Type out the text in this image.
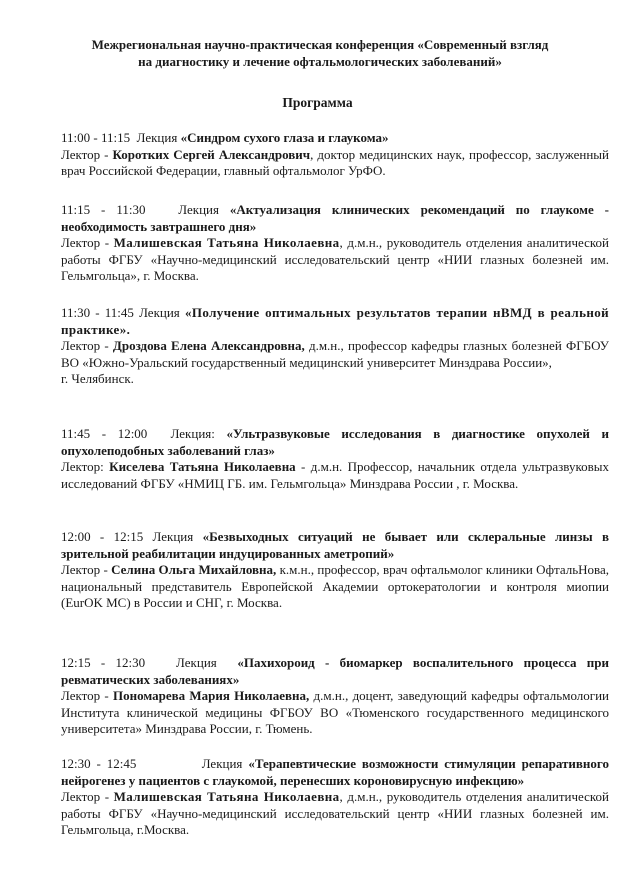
Межрегиональная научно-практическая конференция «Современный взгляд
на диагностику и лечение офтальмологических заболеваний»
Программа

11:00 - 11:15 Лекция «Синдром сухого глаза и глаукома»

Лектор - Коротких Сергей Александрович, доктор медицинских наук, профессор, заслуженный врач Российской Федерации, главный офтальмолог УрФО.

11:15 - 11:30	Лекция «Актуализация клинических рекомендаций по глаукоме - необходимость завтрашнего дня»

Лектор - Малишевская Татьяна Николаевна, д.м.н., руководитель отделения аналитической работы ФГБУ «Научно-медицинский исследовательский центр «НИИ глазных болезней им. Гельмгольца», г. Москва.

11:30 - 11:45 Лекция «Получение оптимальных результатов терапии нВМД в реальной практике».

Лектор - Дроздова Елена Александровна, д.м.н., профессор кафедры глазных болезней ФГБОУ ВО «Южно-Уральский государственный медицинский университет Минздрава России»,

г. Челябинск.

11:45 - 12:00 Лекция: «Ультразвуковые исследования в диагностике опухолей и опухолеподобных заболеваний глаз»

Лектор: Киселева Татьяна Николаевна - д.м.н. Профессор, начальник отдела ультразвуковых исследований ФГБУ «НМИЦ ГБ. им. Гельмгольца» Минздрава России , г. Москва.

12:00 - 12:15 Лекция «Безвыходных ситуаций не бывает или склеральные линзы в зрительной реабилитации индуцированных аметропий»

Лектор - Селина Ольга Михайловна, к.м.н., профессор, врач офтальмолог клиники ОфтальНова, национальный представитель Европейской Академии ортокератологии и контроля миопии (EurOK MC) в России и СНГ, г. Москва.

12:15 - 12:30 Лекция «Пахихороид - биомаркер воспалительного процесса при ревматических заболеваниях»

Лектор - Пономарева Мария Николаевна, д.м.н., доцент, заведующий кафедры офтальмологии Института клинической медицины ФГБОУ ВО «Тюменского государственного медицинского университета» Минздрава России, г. Тюмень.

12:30 - 12:45	Лекция «Терапевтические возможности стимуляции репаративного нейрогенез у пациентов с глаукомой, перенесших короновирусную инфекцию»

Лектор - Малишевская Татьяна Николаевна, д.м.н., руководитель отделения аналитической работы ФГБУ «Научно-медицинский исследовательский центр «НИИ глазных болезней им. Гельмгольца, г.Москва.
